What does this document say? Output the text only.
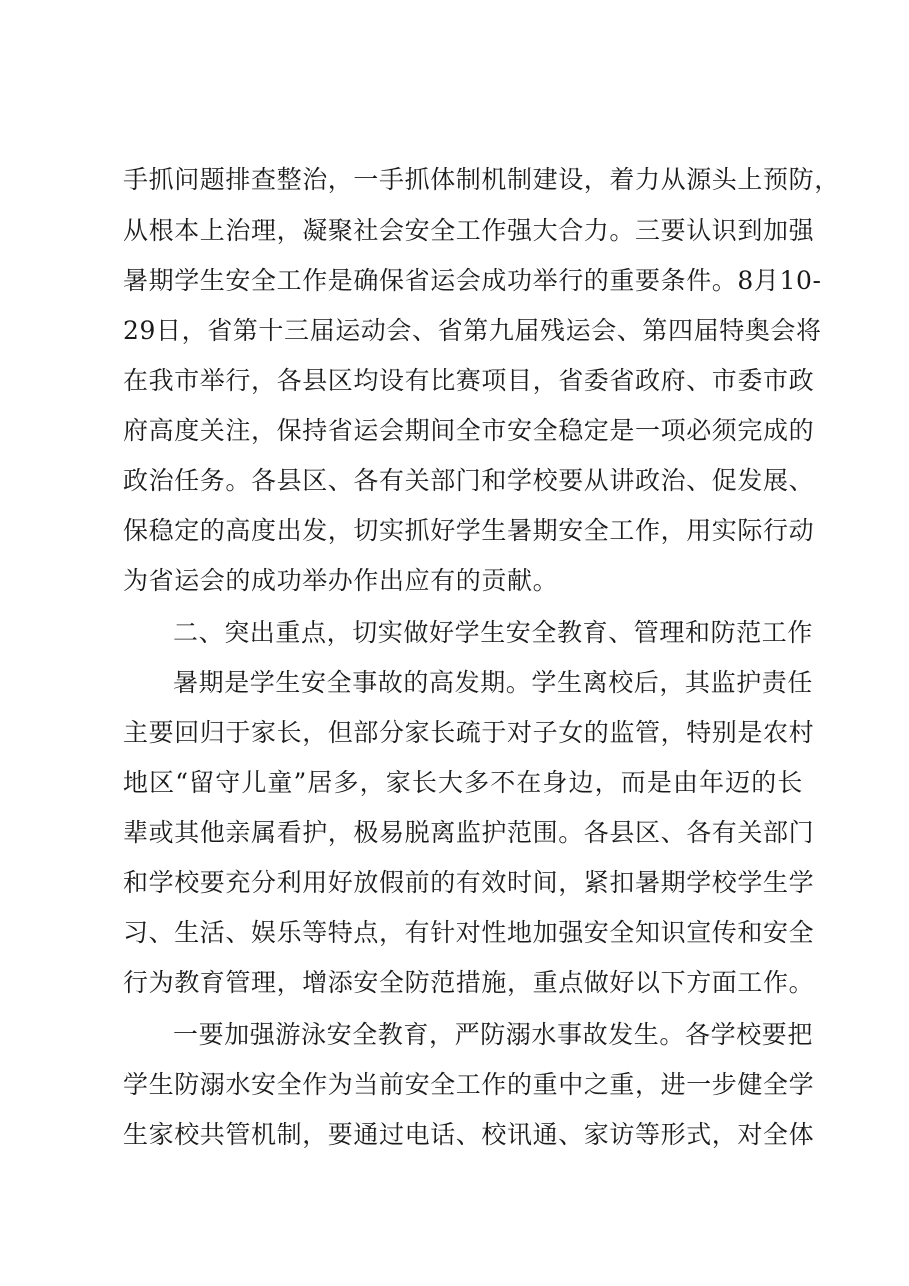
手抓问题排查整治，一手抓体制机制建设，着力从源头上预防，
从根本上治理，凝聚社会安全工作强大合力。三要认识到加强
暑期学生安全工作是确保省运会成功举行的重要条件。8月10-
29日，省第十三届运动会、省第九届残运会、第四届特奥会将
在我市举行，各县区均设有比赛项目，省委省政府、市委市政
府高度关注，保持省运会期间全市安全稳定是一项必须完成的
政治任务。各县区、各有关部门和学校要从讲政治、促发展、
保稳定的高度出发，切实抓好学生暑期安全工作，用实际行动
为省运会的成功举办作出应有的贡献。
二、突出重点，切实做好学生安全教育、管理和防范工作
暑期是学生安全事故的高发期。学生离校后，其监护责任
主要回归于家长，但部分家长疏于对子女的监管，特别是农村
地区“留守儿童”居多，家长大多不在身边，而是由年迈的长
辈或其他亲属看护，极易脱离监护范围。各县区、各有关部门
和学校要充分利用好放假前的有效时间，紧扣暑期学校学生学
习、生活、娱乐等特点，有针对性地加强安全知识宣传和安全
行为教育管理，增添安全防范措施，重点做好以下方面工作。
一要加强游泳安全教育，严防溺水事故发生。各学校要把
学生防溺水安全作为当前安全工作的重中之重，进一步健全学
生家校共管机制，要通过电话、校讯通、家访等形式，对全体
